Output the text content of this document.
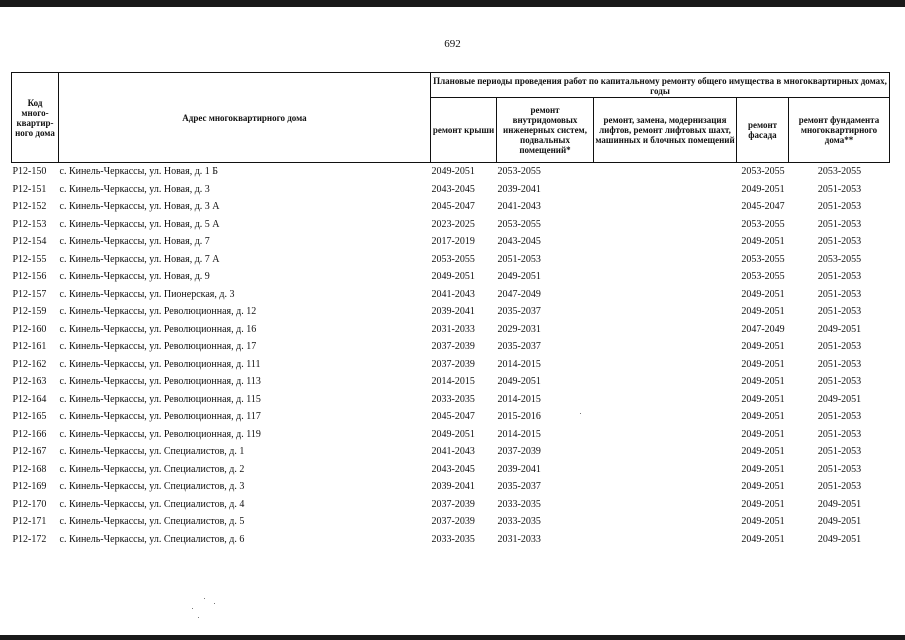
692
Код много-квартир-ного дома	Адрес многоквартирного дома	Плановые периоды проведения работ по капитальному ремонту общего имущества в многоквартирных домах, годы				
		ремонт крыши	ремонт внутридомовых инженерных систем, подвальных помещений*	ремонт, замена, модернизация лифтов, ремонт лифтовых шахт, машинных и блочных помещений	ремонт фасада	ремонт фундамента многоквартирного дома**
Р12-150	с. Кинель-Черкассы, ул. Новая, д. 1 Б	2049-2051	2053-2055		2053-2055	2053-2055
Р12-151	с. Кинель-Черкассы, ул. Новая, д. 3	2043-2045	2039-2041		2049-2051	2051-2053
Р12-152	с. Кинель-Черкассы, ул. Новая, д. 3 А	2045-2047	2041-2043		2045-2047	2051-2053
Р12-153	с. Кинель-Черкассы, ул. Новая, д. 5 А	2023-2025	2053-2055		2053-2055	2051-2053
Р12-154	с. Кинель-Черкассы, ул. Новая, д. 7	2017-2019	2043-2045		2049-2051	2051-2053
Р12-155	с. Кинель-Черкассы, ул. Новая, д. 7 А	2053-2055	2051-2053		2053-2055	2053-2055
Р12-156	с. Кинель-Черкассы, ул. Новая, д. 9	2049-2051	2049-2051		2053-2055	2051-2053
Р12-157	с. Кинель-Черкассы, ул. Пионерская, д. 3	2041-2043	2047-2049		2049-2051	2051-2053
Р12-159	с. Кинель-Черкассы, ул. Революционная, д. 12	2039-2041	2035-2037		2049-2051	2051-2053
Р12-160	с. Кинель-Черкассы, ул. Революционная, д. 16	2031-2033	2029-2031		2047-2049	2049-2051
Р12-161	с. Кинель-Черкассы, ул. Революционная, д. 17	2037-2039	2035-2037		2049-2051	2051-2053
Р12-162	с. Кинель-Черкассы, ул. Революционная, д. 111	2037-2039	2014-2015		2049-2051	2051-2053
Р12-163	с. Кинель-Черкассы, ул. Революционная, д. 113	2014-2015	2049-2051		2049-2051	2051-2053
Р12-164	с. Кинель-Черкассы, ул. Революционная, д. 115	2033-2035	2014-2015		2049-2051	2049-2051
Р12-165	с. Кинель-Черкассы, ул. Революционная, д. 117	2045-2047	2015-2016		2049-2051	2051-2053
Р12-166	с. Кинель-Черкассы, ул. Революционная, д. 119	2049-2051	2014-2015		2049-2051	2051-2053
Р12-167	с. Кинель-Черкассы, ул. Специалистов, д. 1	2041-2043	2037-2039		2049-2051	2051-2053
Р12-168	с. Кинель-Черкассы, ул. Специалистов, д. 2	2043-2045	2039-2041		2049-2051	2051-2053
Р12-169	с. Кинель-Черкассы, ул. Специалистов, д. 3	2039-2041	2035-2037		2049-2051	2051-2053
Р12-170	с. Кинель-Черкассы, ул. Специалистов, д. 4	2037-2039	2033-2035		2049-2051	2049-2051
Р12-171	с. Кинель-Черкассы, ул. Специалистов, д. 5	2037-2039	2033-2035		2049-2051	2049-2051
Р12-172	с. Кинель-Черкассы, ул. Специалистов, д. 6	2033-2035	2031-2033		2049-2051	2049-2051
